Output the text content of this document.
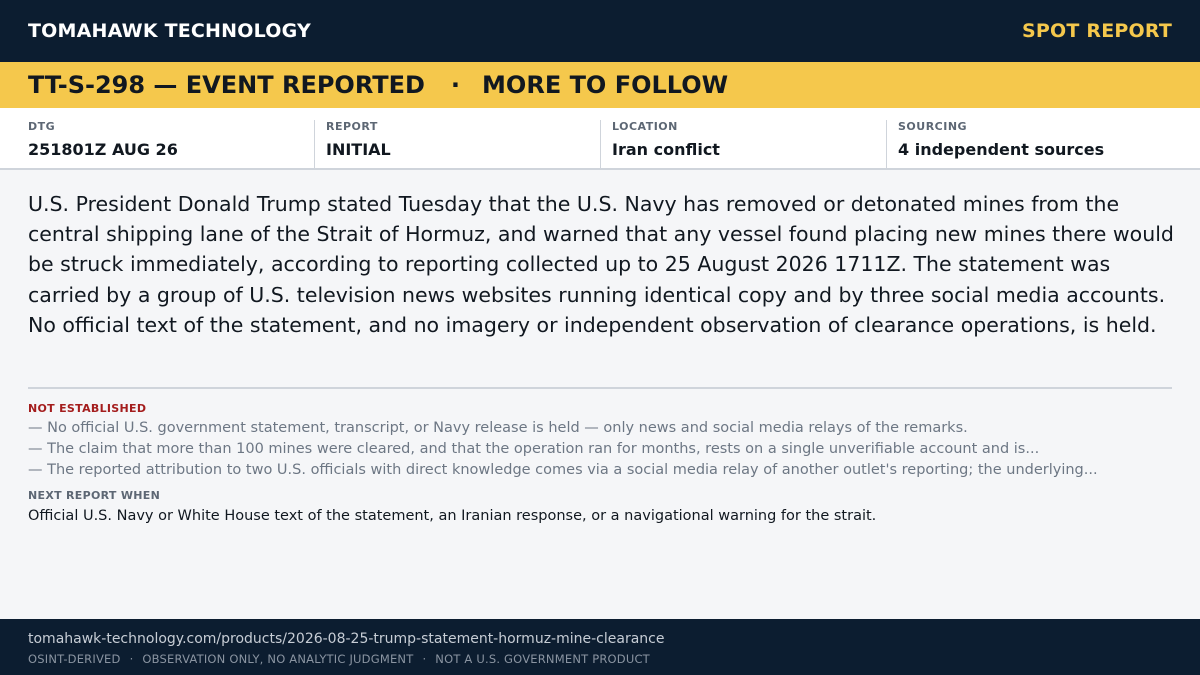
TOMAHAWK TECHNOLOGY	SPOT REPORT
TT-S-298 — EVENT REPORTED · MORE TO FOLLOW
DTG
251801Z AUG 26
REPORT
INITIAL
LOCATION
Iran conflict
SOURCING
4 independent sources

U.S. President Donald Trump stated Tuesday that the U.S. Navy has removed or detonated mines from the central shipping lane of the Strait of Hormuz, and warned that any vessel found placing new mines there would be struck immediately, according to reporting collected up to 25 August 2026 1711Z. The statement was carried by a group of U.S. television news websites running identical copy and by three social media accounts. No official text of the statement, and no imagery or independent observation of clearance operations, is held.

NOT ESTABLISHED
— No official U.S. government statement, transcript, or Navy release is held — only news and social media relays of the remarks.
— The claim that more than 100 mines were cleared, and that the operation ran for months, rests on a single unverifiable account and is...
— The reported attribution to two U.S. officials with direct knowledge comes via a social media relay of another outlet's reporting; the underlying...
NEXT REPORT WHEN
Official U.S. Navy or White House text of the statement, an Iranian response, or a navigational warning for the strait.
tomahawk-technology.com/products/2026-08-25-trump-statement-hormuz-mine-clearance
OSINT-DERIVED · OBSERVATION ONLY, NO ANALYTIC JUDGMENT · NOT A U.S. GOVERNMENT PRODUCT
